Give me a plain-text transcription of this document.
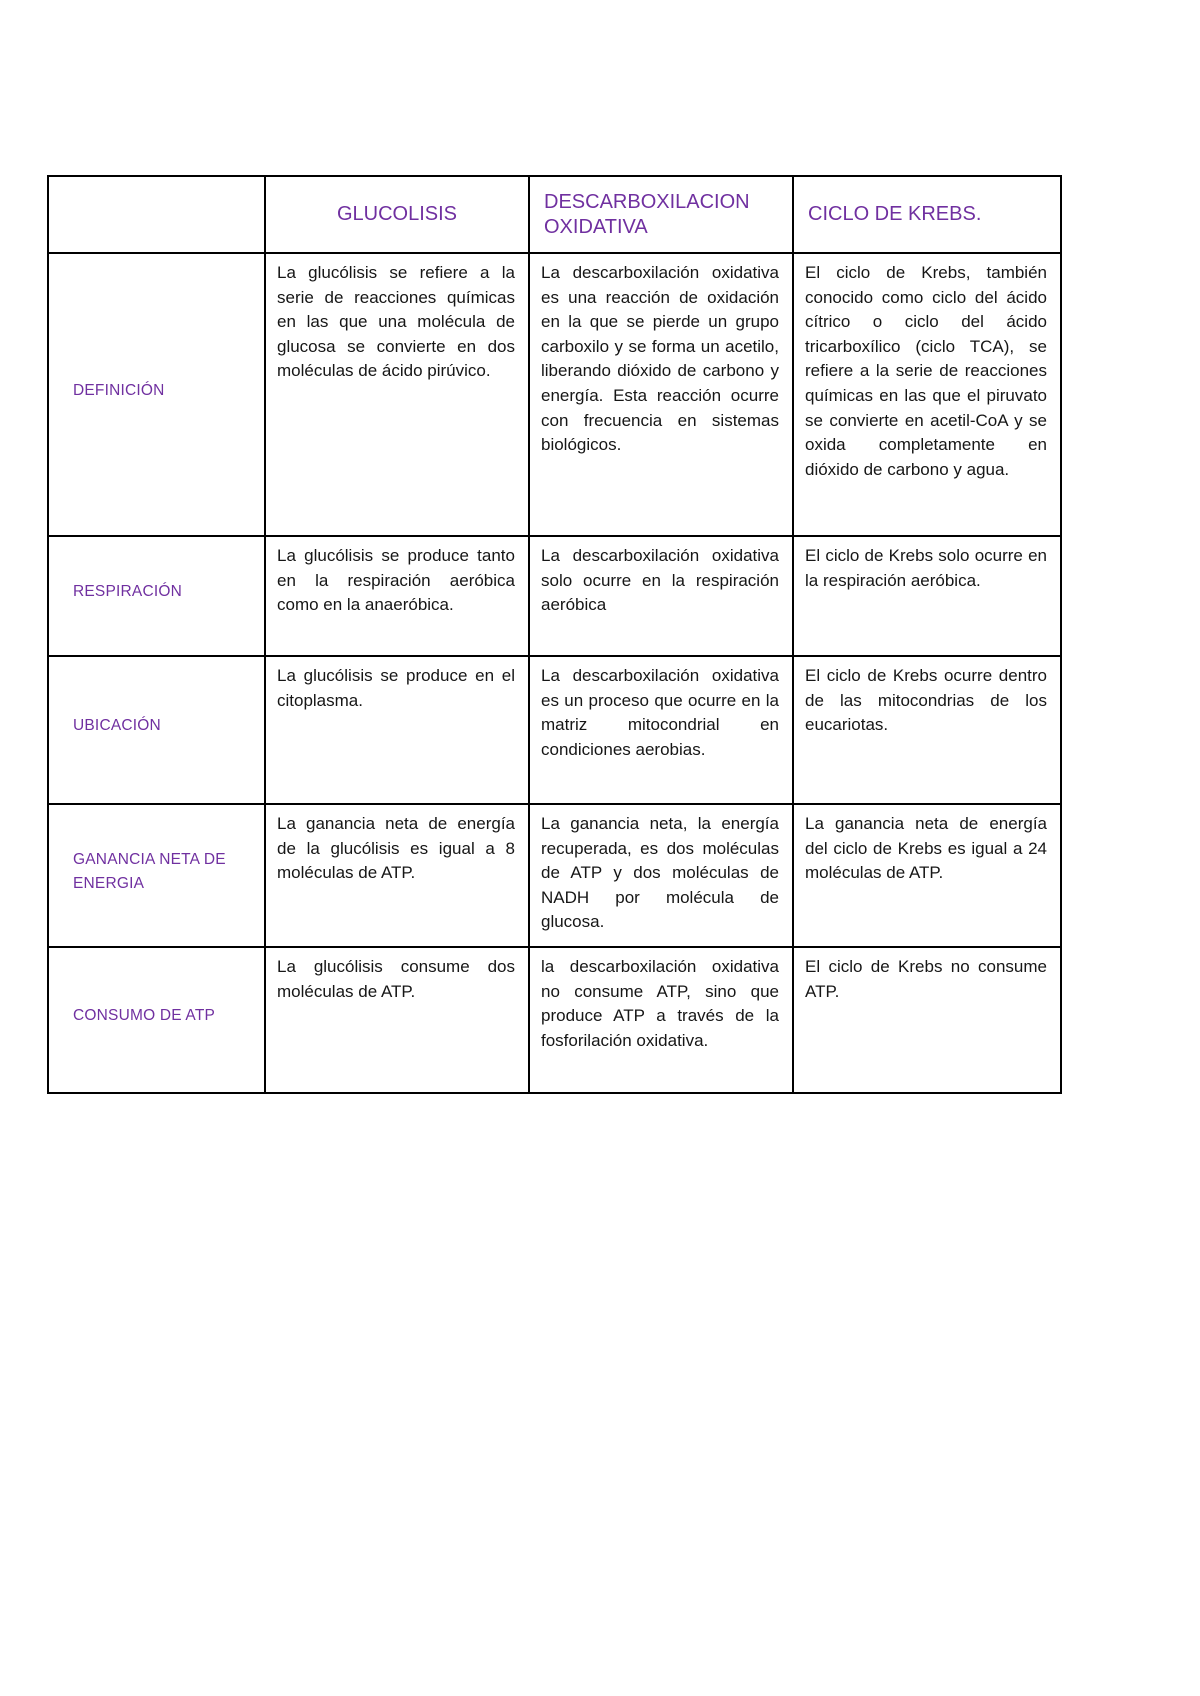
	GLUCOLISIS	DESCARBOXILACION OXIDATIVA	CICLO DE KREBS.
DEFINICIÓN	La glucólisis se refiere a la serie de reacciones químicas en las que una molécula de glucosa se convierte en dos moléculas de ácido pirúvico.	La descarboxilación oxidativa es una reacción de oxidación en la que se pierde un grupo carboxilo y se forma un acetilo, liberando dióxido de carbono y energía. Esta reacción ocurre con frecuencia en sistemas biológicos.	El ciclo de Krebs, también conocido como ciclo del ácido cítrico o ciclo del ácido tricarboxílico (ciclo TCA), se refiere a la serie de reacciones químicas en las que el piruvato se convierte en acetil-CoA y se oxida completamente en dióxido de carbono y agua.
RESPIRACIÓN	La glucólisis se produce tanto en la respiración aeróbica como en la anaeróbica.	La descarboxilación oxidativa solo ocurre en la respiración aeróbica	El ciclo de Krebs solo ocurre en la respiración aeróbica.
UBICACIÓN	La glucólisis se produce en el citoplasma.	La descarboxilación oxidativa es un proceso que ocurre en la matriz mitocondrial en condiciones aerobias.	El ciclo de Krebs ocurre dentro de las mitocondrias de los eucariotas.
GANANCIA NETA DE ENERGIA	La ganancia neta de energía de la glucólisis es igual a 8 moléculas de ATP.	La ganancia neta, la energía recuperada, es dos moléculas de ATP y dos moléculas de NADH por molécula de glucosa.	La ganancia neta de energía del ciclo de Krebs es igual a 24 moléculas de ATP.
CONSUMO DE ATP	La glucólisis consume dos moléculas de ATP.	la descarboxilación oxidativa no consume ATP, sino que produce ATP a través de la fosforilación oxidativa.	El ciclo de Krebs no consume ATP.
